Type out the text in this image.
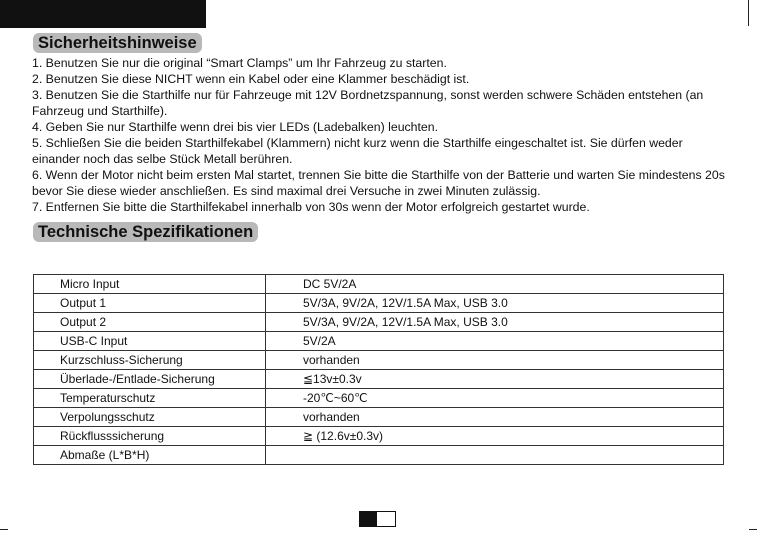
Sicherheitshinweise
1. Benutzen Sie nur die original “Smart Clamps” um Ihr Fahrzeug zu starten.
2. Benutzen Sie diese NICHT wenn ein Kabel oder eine Klammer beschädigt ist.
3. Benutzen Sie die Starthilfe nur für Fahrzeuge mit 12V Bordnetzspannung, sonst werden schwere Schäden entstehen (an Fahrzeug und Starthilfe).
4. Geben Sie nur Starthilfe wenn drei bis vier LEDs (Ladebalken) leuchten.
5. Schließen Sie die beiden Starthilfekabel (Klammern) nicht kurz wenn die Starthilfe eingeschaltet ist. Sie dürfen weder einander noch das selbe Stück Metall berühren.
6. Wenn der Motor nicht beim ersten Mal startet, trennen Sie bitte die Starthilfe von der Batterie und warten Sie mindestens 20s bevor Sie diese wieder anschließen. Es sind maximal drei Versuche in zwei Minuten zulässig.
7. Entfernen Sie bitte die Starthilfekabel innerhalb von 30s wenn der Motor erfolgreich gestartet wurde.
Technische Spezifikationen
Micro Input	DC 5V/2A
Output 1	5V/3A, 9V/2A, 12V/1.5A Max, USB 3.0
Output 2	5V/3A, 9V/2A, 12V/1.5A Max, USB 3.0
USB-C Input	5V/2A
Kurzschluss-Sicherung	vorhanden
Überlade-/Entlade-Sicherung	≦13v±0.3v
Temperaturschutz	-20℃~60℃
Verpolungsschutz	vorhanden
Rückflusssicherung	≧ (12.6v±0.3v)
Abmaße (L*B*H)	
